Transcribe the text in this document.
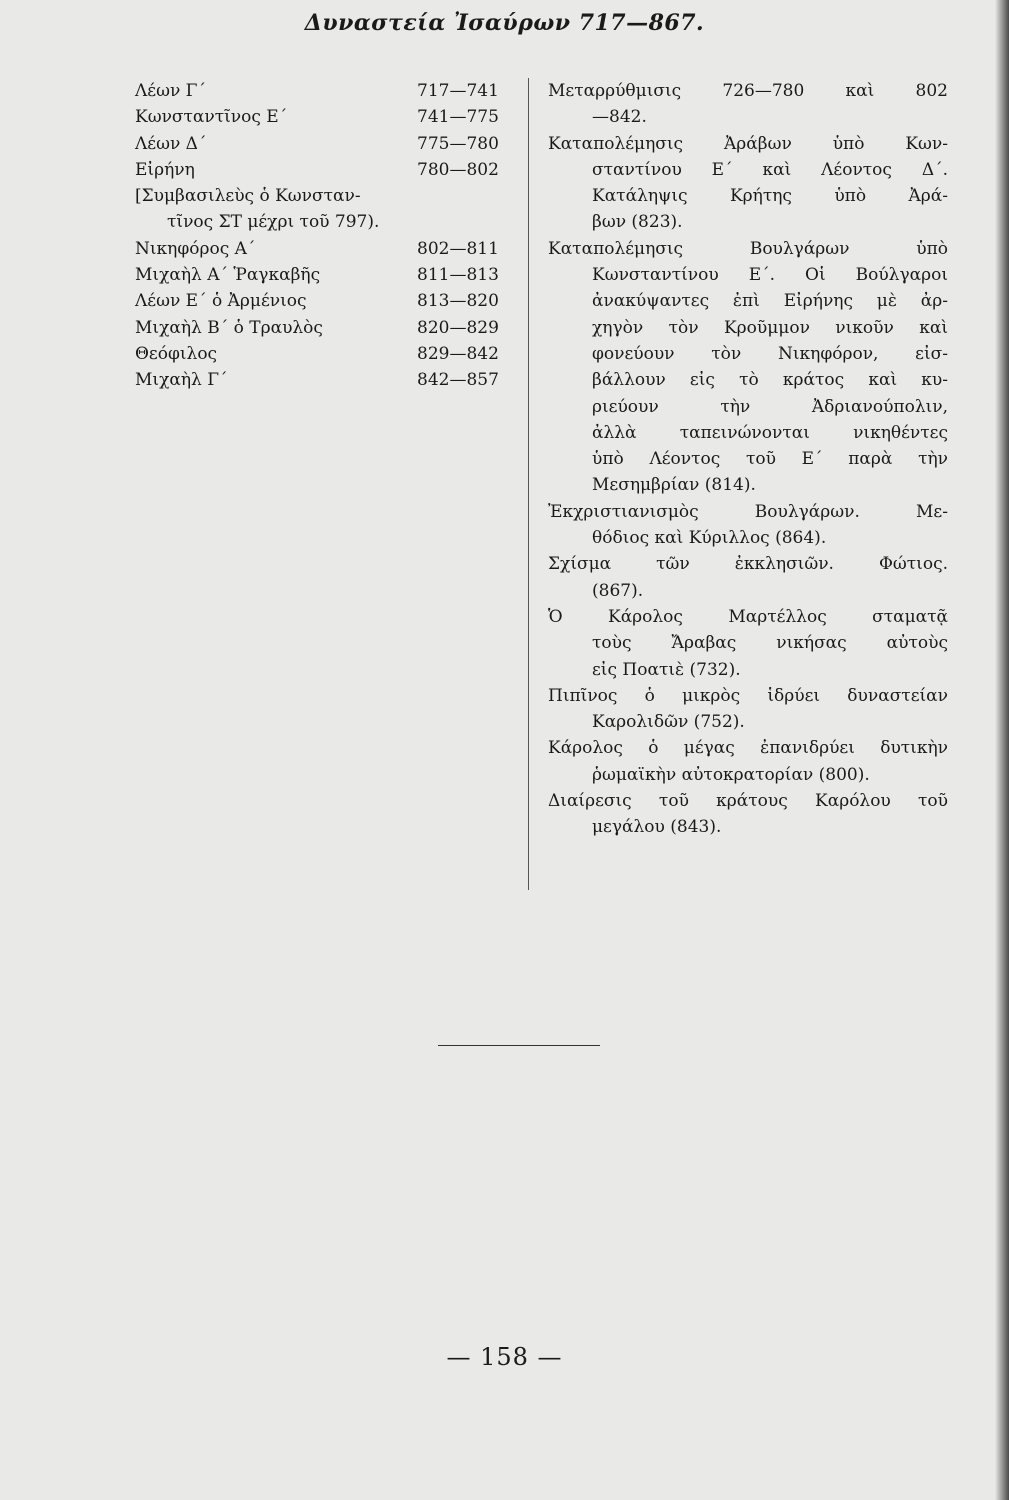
Δυναστεία Ἰσαύρων 717—867.
Λέων Γ΄	717—741
Κωνσταντῖνος Ε΄	741—775
Λέων Δ΄	775—780
Εἰρήνη	780—802
[Συμβασιλεὺς ὁ Κωνσταν-
τῖνος ΣΤ μέχρι τοῦ 797).
Νικηφόρος Α΄	802—811
Μιχαὴλ Α΄ Ῥαγκαβῆς	811—813
Λέων Ε΄ ὁ Ἀρμένιος	813—820
Μιχαὴλ Β΄ ὁ Τραυλὸς	820—829
Θεόφιλος	829—842
Μιχαὴλ Γ΄	842—857
Μεταρρύθμισις 726—780 καὶ 802
—842.
Καταπολέμησις Ἀράβων ὑπὸ Κων-
σταντίνου Ε΄ καὶ Λέοντος Δ΄.
Κατάληψις Κρήτης ὑπὸ Ἀρά-
βων (823).
Καταπολέμησις Βουλγάρων ὑπὸ
Κωνσταντίνου Ε΄. Οἱ Βούλγαροι
ἀνακύψαντες ἐπὶ Εἰρήνης μὲ ἀρ-
χηγὸν τὸν Κροῦμμον νικοῦν καὶ
φονεύουν τὸν Νικηφόρον, εἰσ-
βάλλουν εἰς τὸ κράτος καὶ κυ-
ριεύουν τὴν Ἀδριανούπολιν,
ἀλλὰ ταπεινώνονται νικηθέντες
ὑπὸ Λέοντος τοῦ Ε΄ παρὰ τὴν
Μεσημβρίαν (814).
Ἐκχριστιανισμὸς Βουλγάρων. Με-
θόδιος καὶ Κύριλλος (864).
Σχίσμα τῶν ἐκκλησιῶν. Φώτιος.
(867).
Ὁ Κάρολος Μαρτέλλος σταματᾷ
τοὺς Ἄραβας νικήσας αὐτοὺς
εἰς Ποατιὲ (732).
Πιπῖνος ὁ μικρὸς ἱδρύει δυναστείαν
Καρολιδῶν (752).
Κάρολος ὁ μέγας ἐπανιδρύει δυτικὴν
ῥωμαϊκὴν αὐτοκρατορίαν (800).
Διαίρεσις τοῦ κράτους Καρόλου τοῦ
μεγάλου (843).
— 158 —
